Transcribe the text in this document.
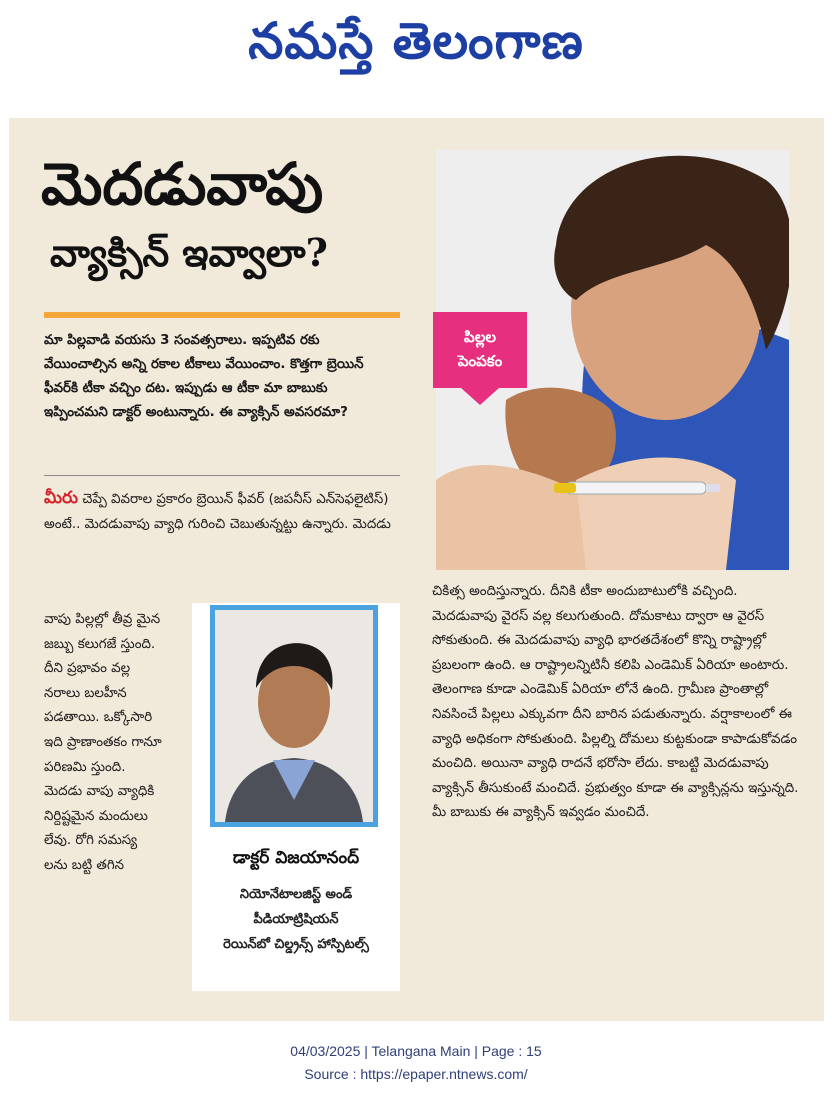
నమస్తే తెలంగాణ
మెదడువాపు
వ్యాక్సిన్ ఇవ్వాలా?

మా పిల్లవాడి వయసు 3 సంవత్సరాలు. ఇప్పటివ రకు వేయించాల్సిన అన్ని రకాల టీకాలు వేయించాం. కొత్తగా బ్రెయిన్ ఫీవర్‌కి టీకా వచ్చిం దట. ఇప్పుడు ఆ టీకా మా బాబుకు ఇప్పించమని డాక్టర్ అంటున్నారు. ఈ వ్యాక్సిన్ అవసరమా?

మీరు చెప్పే వివరాల ప్రకారం బ్రెయిన్ ఫీవర్ (జపనీస్ ఎన్‌సెఫలైటిస్) అంటే.. మెదడువాపు వ్యాధి గురించి చెబుతున్నట్టు ఉన్నారు. మెదడు

వాపు పిల్లల్లో తీవ్ర మైన జబ్బు కలుగజే స్తుంది. దీని ప్రభావం వల్ల నరాలు బలహీన పడతాయి. ఒక్కోసారి ఇది ప్రాణాంతకం గానూ పరిణమి స్తుంది. మెదడు వాపు వ్యాధికి నిర్దిష్టమైన మందులు లేవు. రోగి సమస్య లను బట్టి తగిన

చికిత్స అందిస్తున్నారు. దీనికి టీకా అందుబాటులోకి వచ్చింది. మెదడువాపు వైరస్ వల్ల కలుగుతుంది. దోమకాటు ద్వారా ఆ వైరస్ సోకుతుంది. ఈ మెదడువాపు వ్యాధి భారతదేశంలో కొన్ని రాష్ట్రాల్లో ప్రబలంగా ఉంది. ఆ రాష్ట్రాలన్నిటినీ కలిపి ఎండెమిక్ ఏరియా అంటారు. తెలంగాణ కూడా ఎండెమిక్ ఏరియా లోనే ఉంది. గ్రామీణ ప్రాంతాల్లో నివసించే పిల్లలు ఎక్కువగా దీని బారిన పడుతున్నారు. వర్షాకాలంలో ఈ వ్యాధి అధికంగా సోకుతుంది. పిల్లల్ని దోమలు కుట్టకుండా కాపాడుకోవడం మంచిది. అయినా వ్యాధి రాదనే భరోసా లేదు. కాబట్టి మెదడువాపు వ్యాక్సిన్ తీసుకుంటే మంచిదే. ప్రభుత్వం కూడా ఈ వ్యాక్సిన్లను ఇస్తున్నది. మీ బాబుకు ఈ వ్యాక్సిన్ ఇవ్వడం మంచిదే.

పిల్లల
పెంపకం
డాక్టర్ విజయానంద్
నియోనేటాలజిస్ట్ అండ్
పీడియాట్రిషియన్
రెయిన్‌బో చిల్డ్రన్స్ హాస్పిటల్స్
04/03/2025 | Telangana Main | Page : 15
Source : https://epaper.ntnews.com/
